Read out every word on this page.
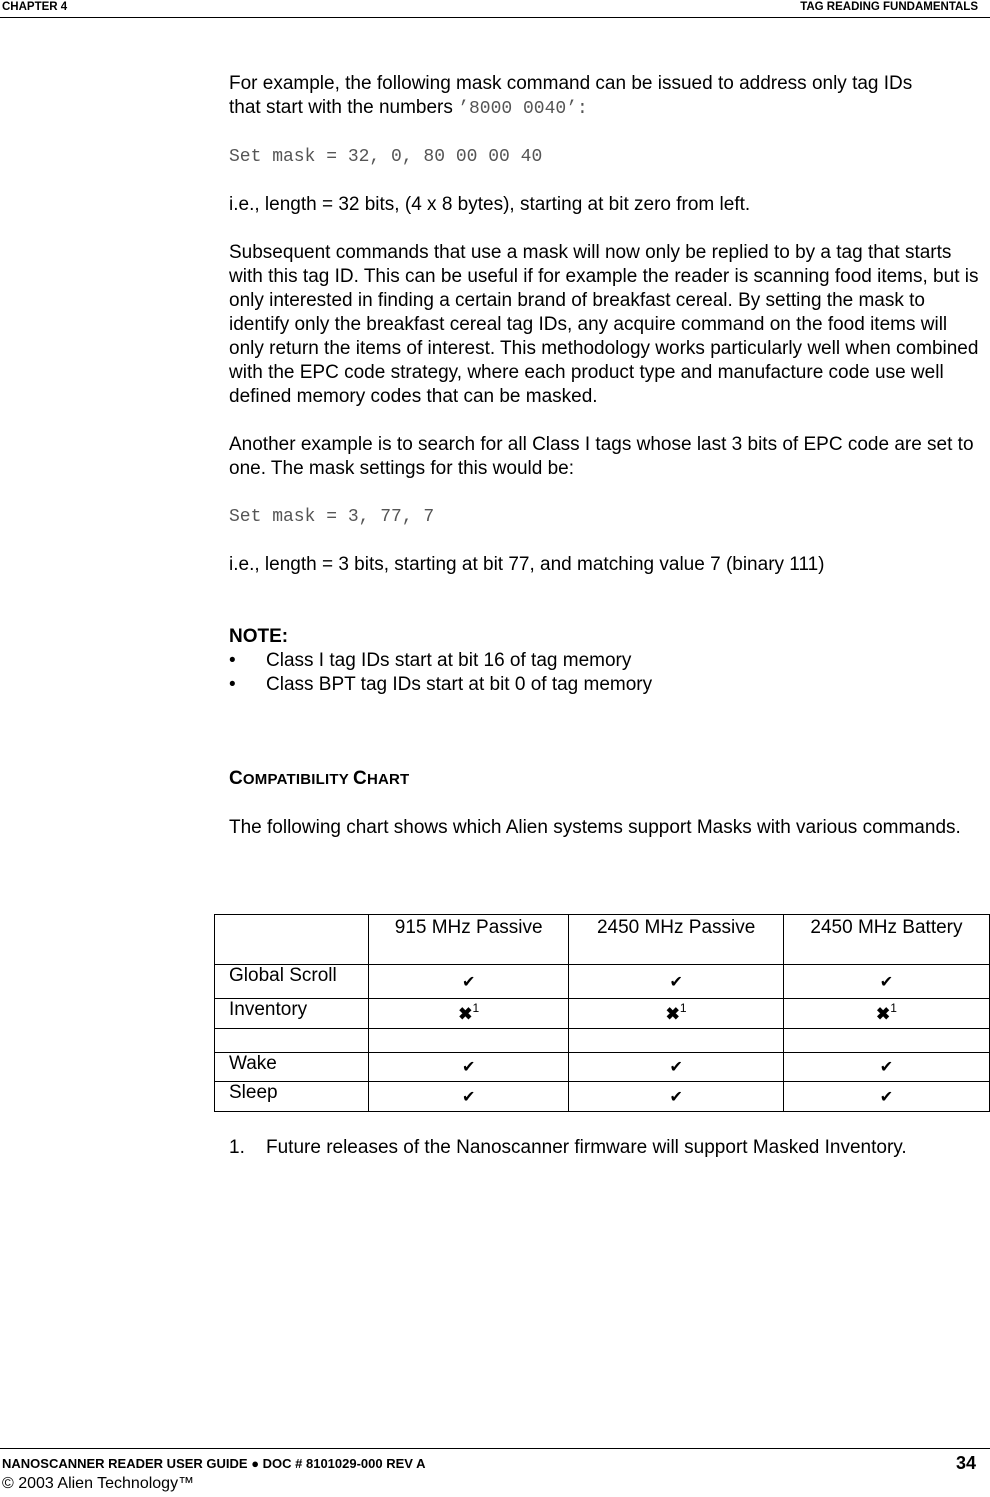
CHAPTER 4	TAG READING FUNDAMENTALS

For example, the following mask command can be issued to address only tag IDs
that start with the numbers ’8000 0040’:

Set mask = 32, 0, 80 00 00 40

i.e., length = 32 bits, (4 x 8 bytes), starting at bit zero from left.

Subsequent commands that use a mask will now only be replied to by a tag that starts with this tag ID. This can be useful if for example the reader is scanning food items, but is only interested in finding a certain brand of breakfast cereal. By setting the mask to identify only the breakfast cereal tag IDs, any acquire command on the food items will only return the items of interest. This methodology works particularly well when combined with the EPC code strategy, where each product type and manufacture code use well defined memory codes that can be masked.

Another example is to search for all Class I tags whose last 3 bits of EPC code are set to one. The mask settings for this would be:

Set mask = 3, 77, 7

i.e., length = 3 bits, starting at bit 77, and matching value 7 (binary 111)

NOTE:

• Class I tag IDs start at bit 16 of tag memory
• Class BPT tag IDs start at bit 0 of tag memory

COMPATIBILITY CHART

The following chart shows which Alien systems support Masks with various commands.

	915 MHz Passive	2450 MHz Passive	2450 MHz Battery
Global Scroll	✔	✔	✔
Inventory	✖$^1$	✖$^1$	✖$^1$

Wake	✔	✔	✔
Sleep	✔	✔	✔
1. Future releases of the Nanoscanner firmware will support Masked Inventory.
NANOSCANNER READER USER GUIDE ● DOC # 8101029-000 REV A	34
© 2003 Alien Technology™
